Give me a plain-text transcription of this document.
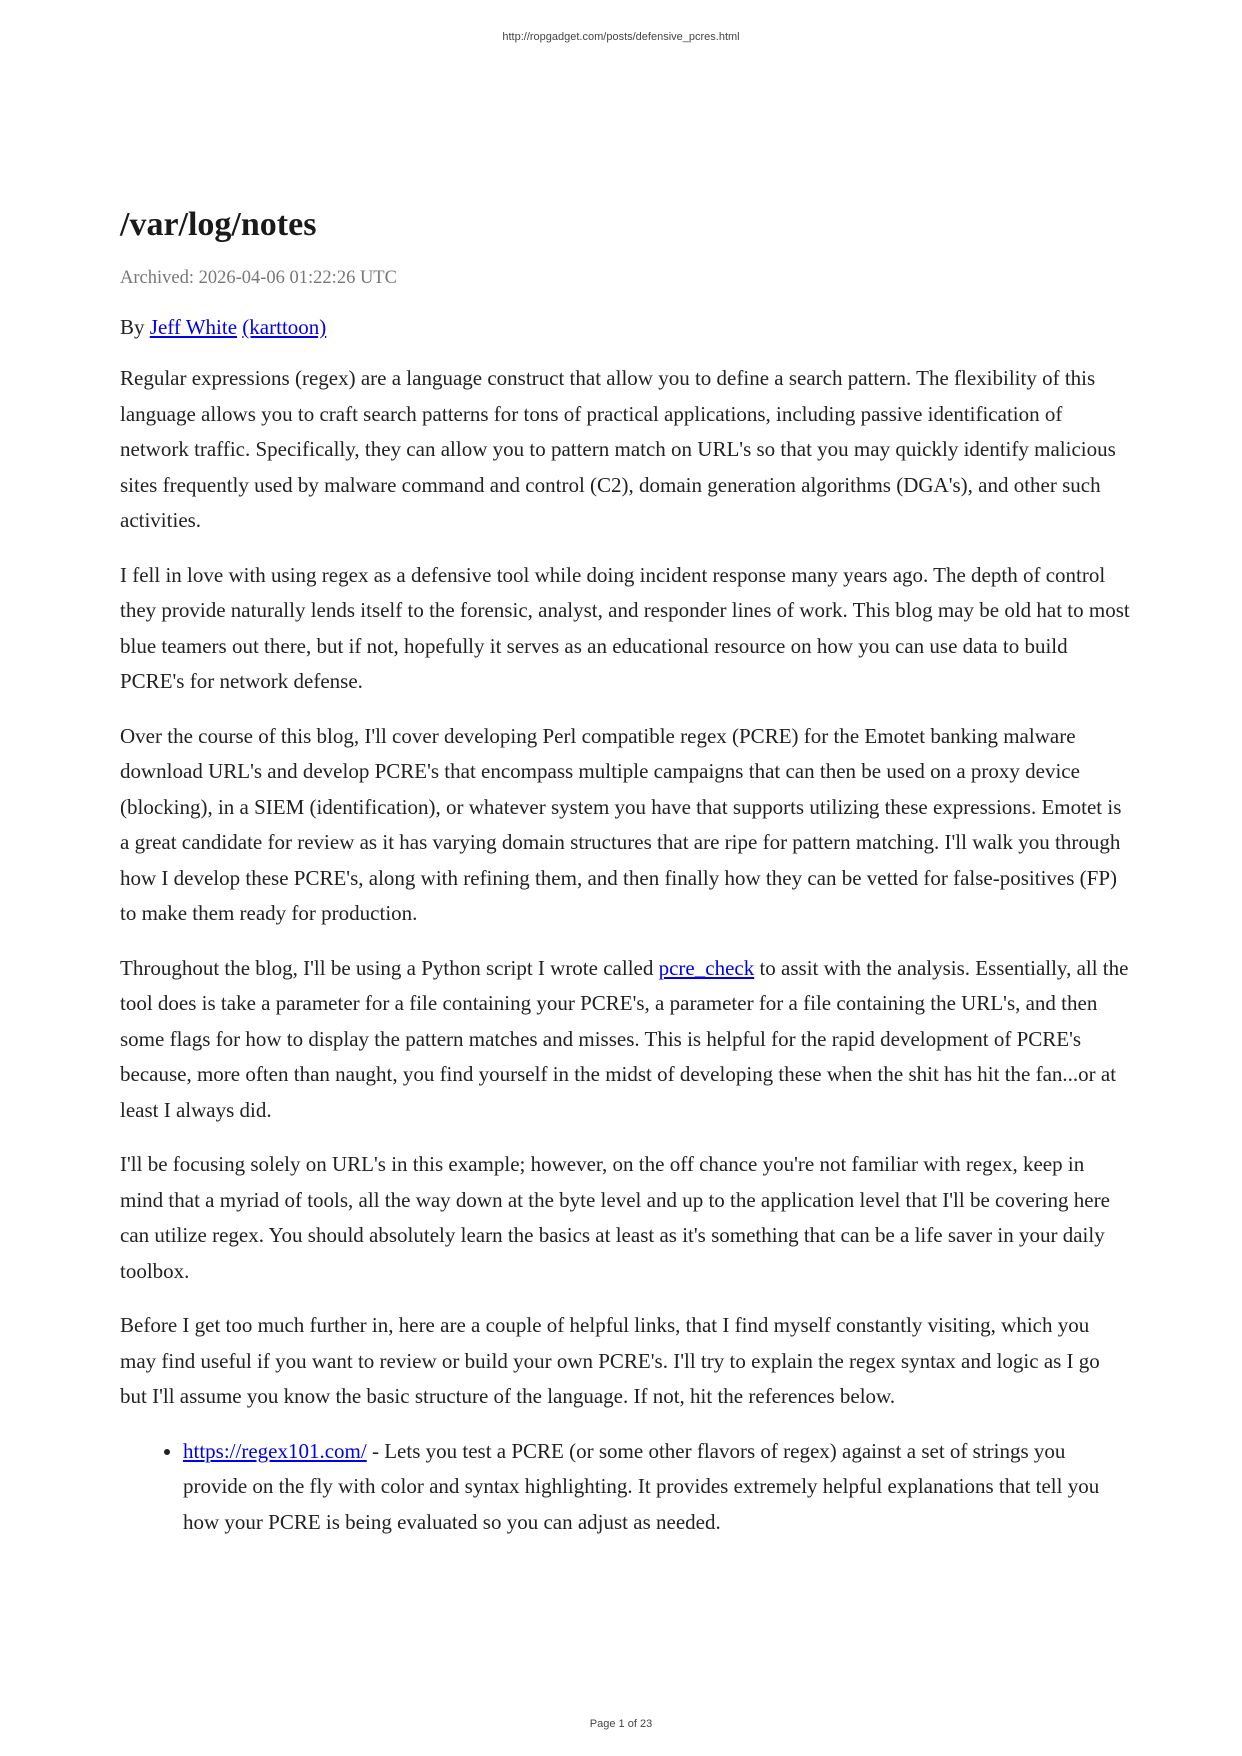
http://ropgadget.com/posts/defensive_pcres.html
/var/log/notes
Archived: 2026-04-06 01:22:26 UTC
By Jeff White (karttoon)

Regular expressions (regex) are a language construct that allow you to define a search pattern. The flexibility of this language allows you to craft search patterns for tons of practical applications, including passive identification of network traffic. Specifically, they can allow you to pattern match on URL's so that you may quickly identify malicious sites frequently used by malware command and control (C2), domain generation algorithms (DGA's), and other such activities.

I fell in love with using regex as a defensive tool while doing incident response many years ago. The depth of control they provide naturally lends itself to the forensic, analyst, and responder lines of work. This blog may be old hat to most blue teamers out there, but if not, hopefully it serves as an educational resource on how you can use data to build PCRE's for network defense.

Over the course of this blog, I'll cover developing Perl compatible regex (PCRE) for the Emotet banking malware download URL's and develop PCRE's that encompass multiple campaigns that can then be used on a proxy device (blocking), in a SIEM (identification), or whatever system you have that supports utilizing these expressions. Emotet is a great candidate for review as it has varying domain structures that are ripe for pattern matching. I'll walk you through how I develop these PCRE's, along with refining them, and then finally how they can be vetted for false-positives (FP) to make them ready for production.

Throughout the blog, I'll be using a Python script I wrote called pcre_check to assit with the analysis. Essentially, all the tool does is take a parameter for a file containing your PCRE's, a parameter for a file containing the URL's, and then some flags for how to display the pattern matches and misses. This is helpful for the rapid development of PCRE's because, more often than naught, you find yourself in the midst of developing these when the shit has hit the fan...or at least I always did.

I'll be focusing solely on URL's in this example; however, on the off chance you're not familiar with regex, keep in mind that a myriad of tools, all the way down at the byte level and up to the application level that I'll be covering here can utilize regex. You should absolutely learn the basics at least as it's something that can be a life saver in your daily toolbox.

Before I get too much further in, here are a couple of helpful links, that I find myself constantly visiting, which you may find useful if you want to review or build your own PCRE's. I'll try to explain the regex syntax and logic as I go but I'll assume you know the basic structure of the language. If not, hit the references below.

• https://regex101.com/ - Lets you test a PCRE (or some other flavors of regex) against a set of strings you provide on the fly with color and syntax highlighting. It provides extremely helpful explanations that tell you how your PCRE is being evaluated so you can adjust as needed.
Page 1 of 23
